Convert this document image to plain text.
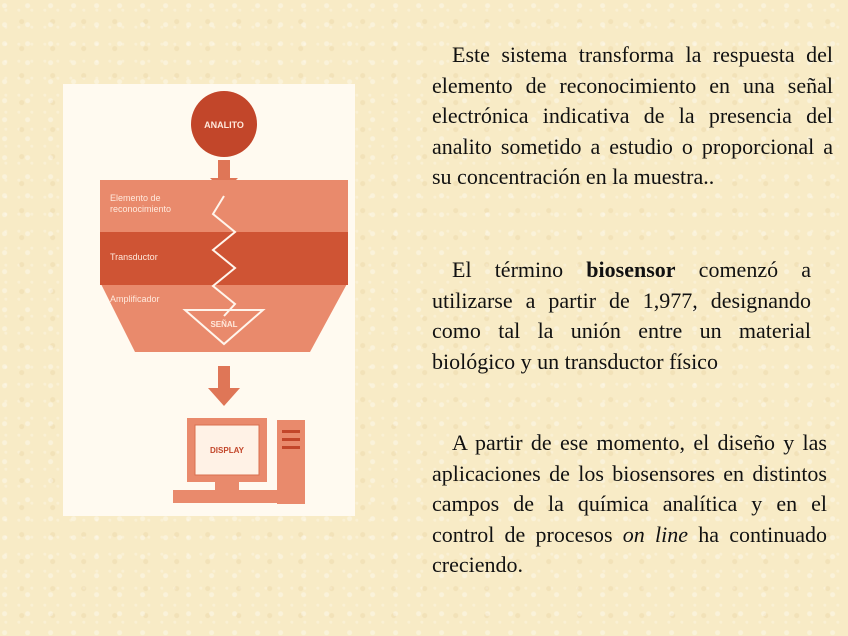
ANALITO
Elemento de
reconocimiento
Transductor
Amplificador
SEÑAL
DISPLAY

Este sistema transforma la respuesta del elemento de reconocimiento en una señal electrónica indicativa de la presencia del analito sometido a estudio o proporcional a su concentración en la muestra..

El término biosensor comenzó a utilizarse a partir de 1,977, designando como tal la unión entre un material biológico y un transductor físico

A partir de ese momento, el diseño y las aplicaciones de los biosensores en distintos campos de la química analítica y en el control de procesos on line ha continuado creciendo.
